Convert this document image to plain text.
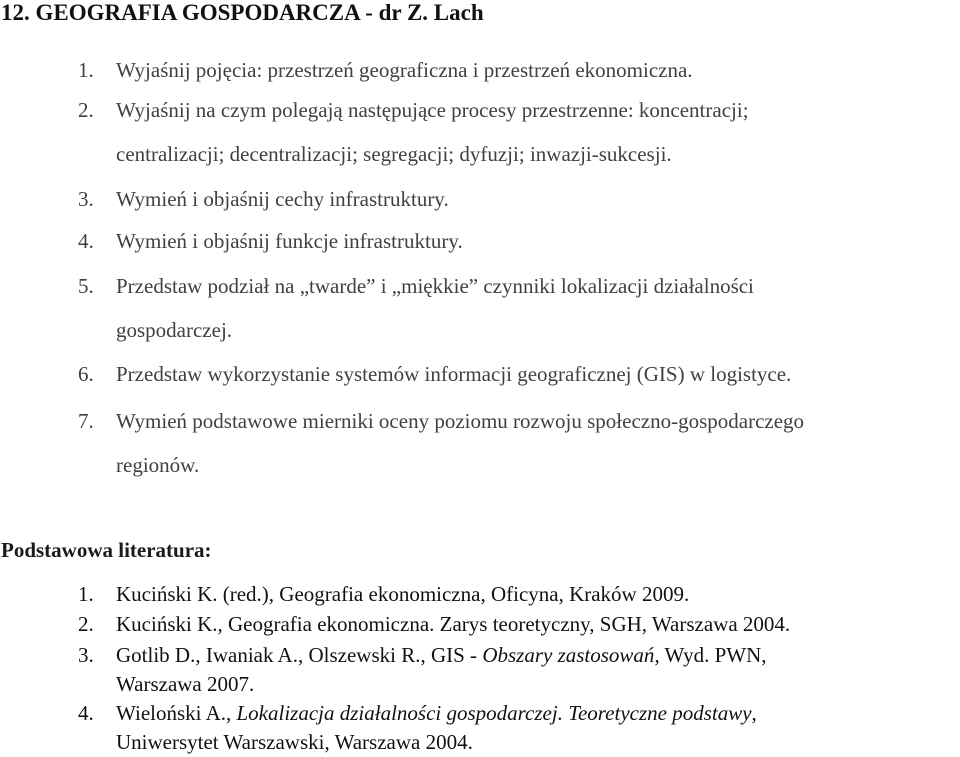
12. GEOGRAFIA GOSPODARCZA - dr Z. Lach
1. Wyjaśnij pojęcia: przestrzeń geograficzna i przestrzeń ekonomiczna.
2. Wyjaśnij na czym polegają następujące procesy przestrzenne: koncentracji;
centralizacji; decentralizacji; segregacji; dyfuzji; inwazji-sukcesji.
3. Wymień i objaśnij cechy infrastruktury.
4. Wymień i objaśnij funkcje infrastruktury.
5. Przedstaw podział na „twarde” i „miękkie” czynniki lokalizacji działalności
gospodarczej.
6. Przedstaw wykorzystanie systemów informacji geograficznej (GIS) w logistyce.
7. Wymień podstawowe mierniki oceny poziomu rozwoju społeczno-gospodarczego
regionów.
Podstawowa literatura:
1. Kuciński K. (red.), Geografia ekonomiczna, Oficyna, Kraków 2009.
2. Kuciński K., Geografia ekonomiczna. Zarys teoretyczny, SGH, Warszawa 2004.
3. Gotlib D., Iwaniak A., Olszewski R., GIS - Obszary zastosowań, Wyd. PWN,
Warszawa 2007.
4. Wieloński A., Lokalizacja działalności gospodarczej. Teoretyczne podstawy,
Uniwersytet Warszawski, Warszawa 2004.
